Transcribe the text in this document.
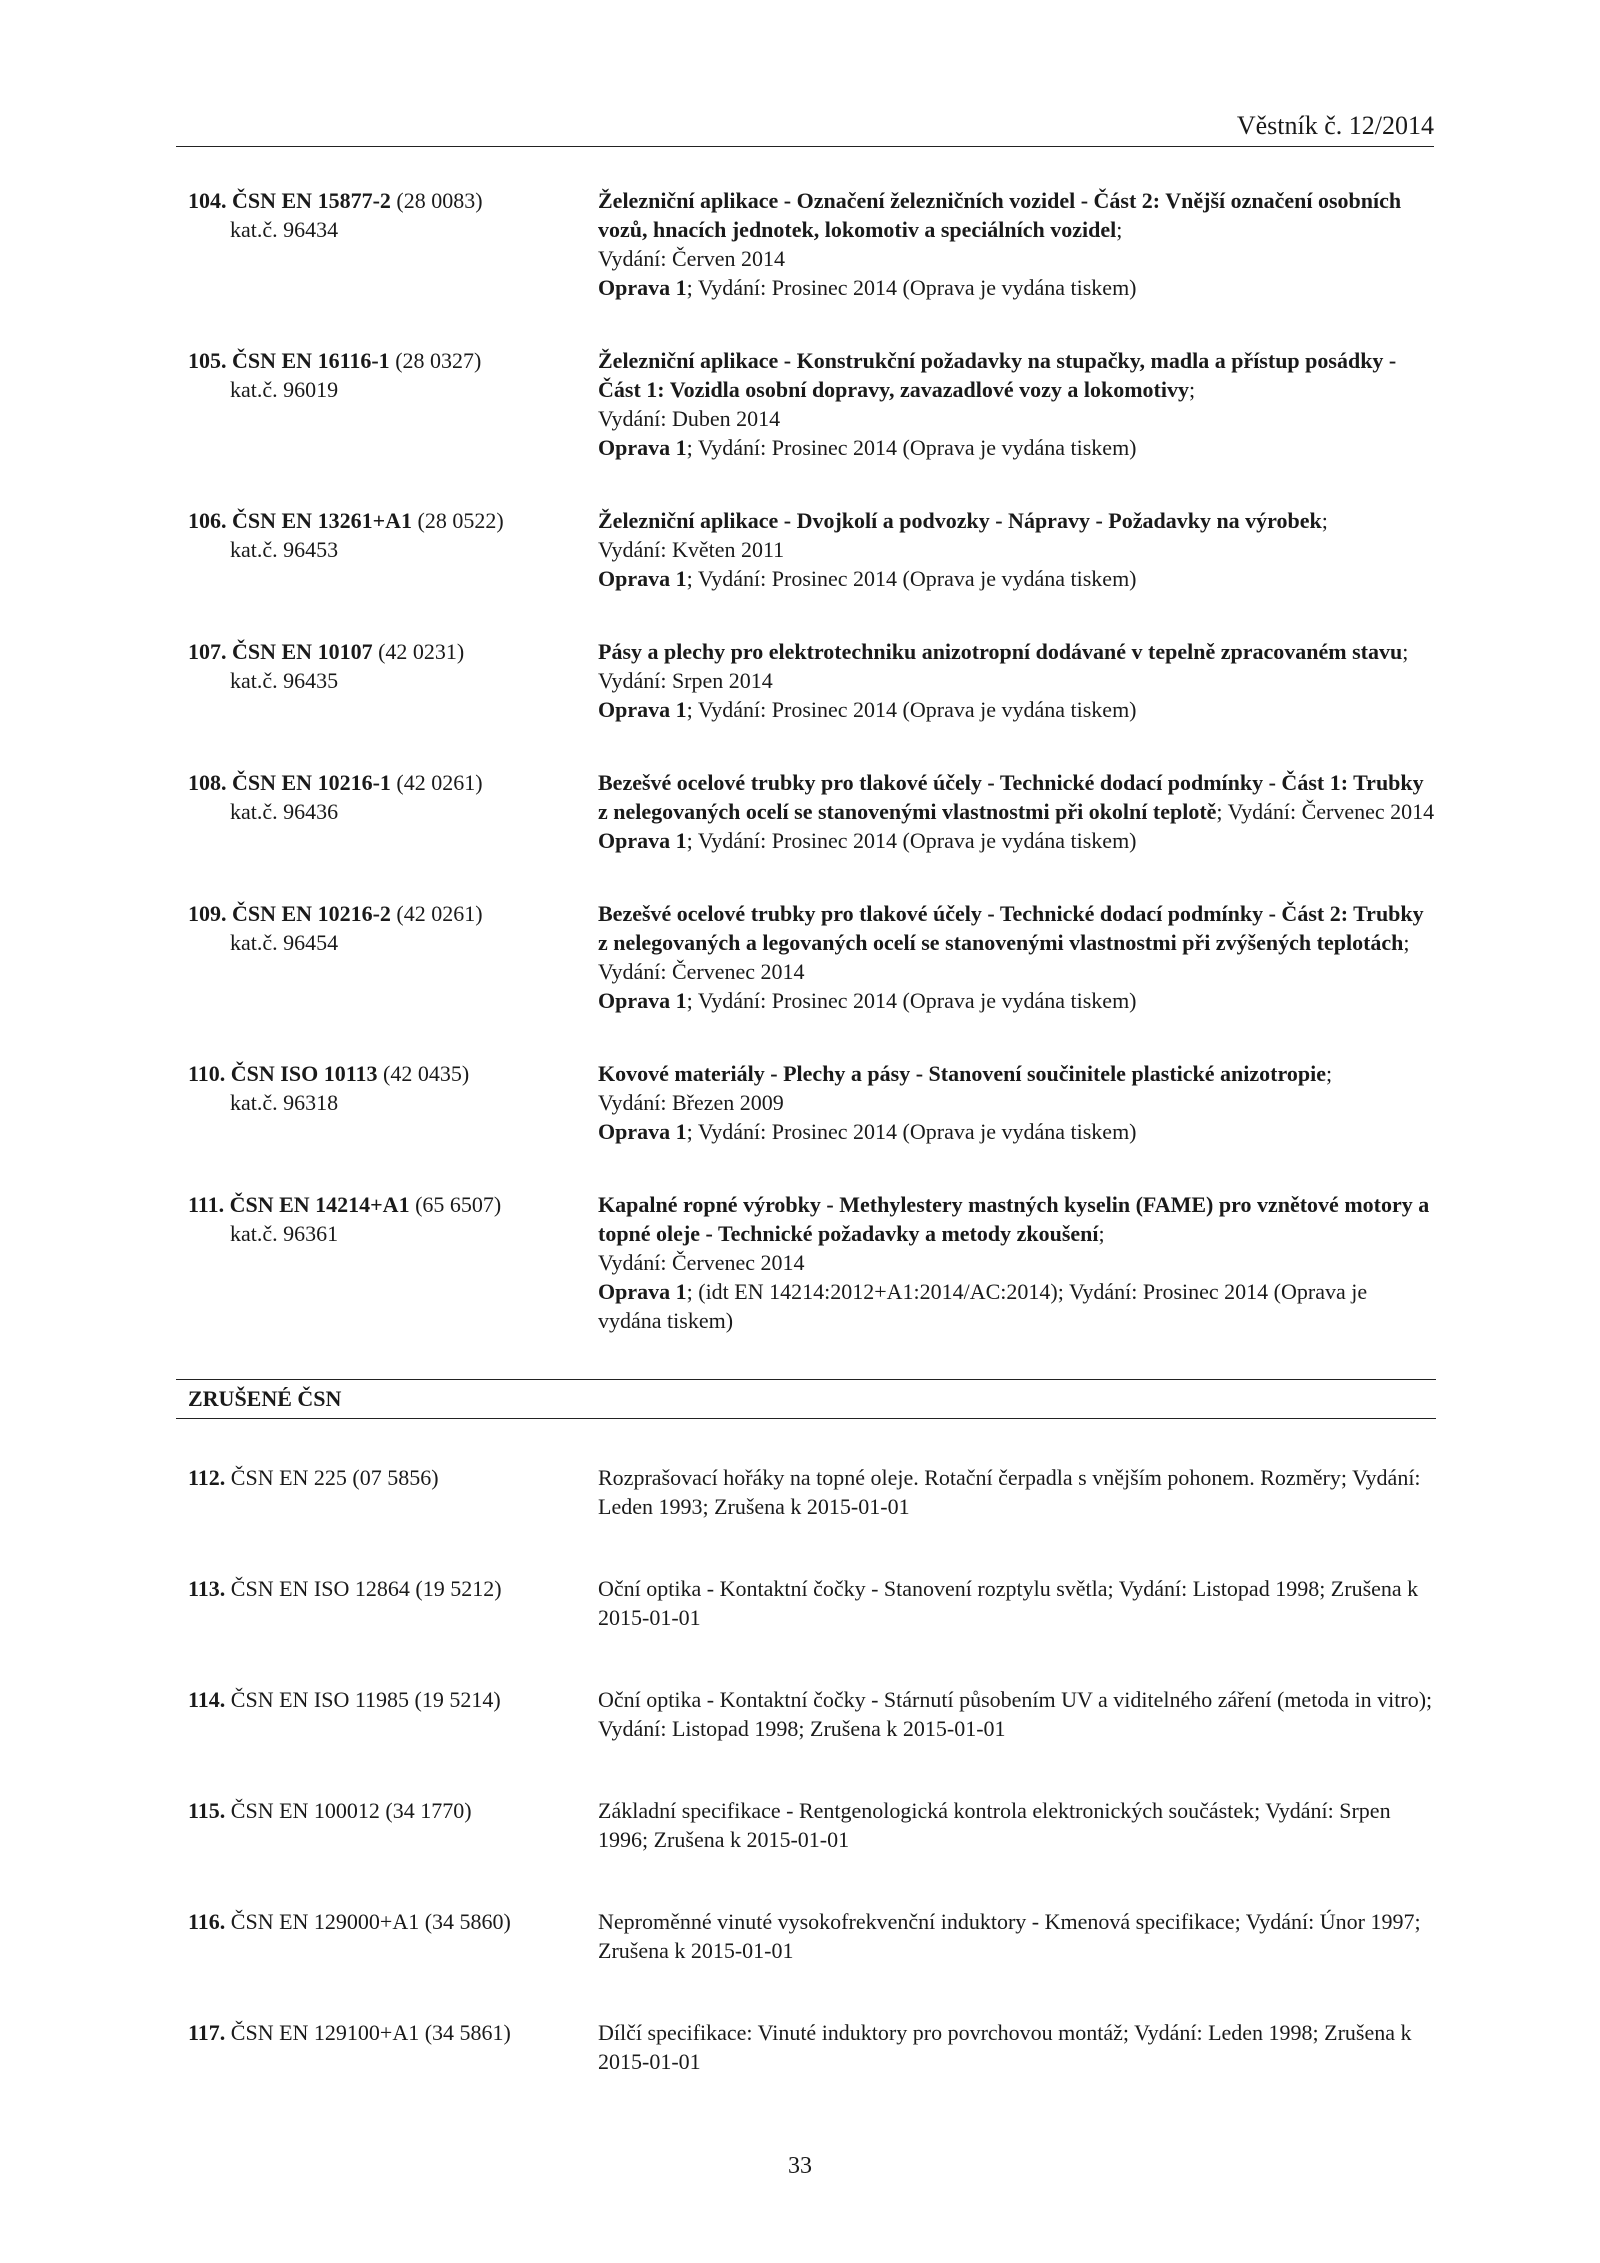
Věstník č. 12/2014
104. ČSN EN 15877-2 (28 0083)
kat.č. 96434
Železniční aplikace - Označení železničních vozidel - Část 2: Vnější označení osobních vozů, hnacích jednotek, lokomotiv a speciálních vozidel;
Vydání: Červen 2014
Oprava 1; Vydání: Prosinec 2014 (Oprava je vydána tiskem)
105. ČSN EN 16116-1 (28 0327)
kat.č. 96019
Železniční aplikace - Konstrukční požadavky na stupačky, madla a přístup posádky - Část 1: Vozidla osobní dopravy, zavazadlové vozy a lokomotivy;
Vydání: Duben 2014
Oprava 1; Vydání: Prosinec 2014 (Oprava je vydána tiskem)
106. ČSN EN 13261+A1 (28 0522)
kat.č. 96453
Železniční aplikace - Dvojkolí a podvozky - Nápravy - Požadavky na výrobek;
Vydání: Květen 2011
Oprava 1; Vydání: Prosinec 2014 (Oprava je vydána tiskem)
107. ČSN EN 10107 (42 0231)
kat.č. 96435
Pásy a plechy pro elektrotechniku anizotropní dodávané v tepelně zpracovaném stavu; Vydání: Srpen 2014
Oprava 1; Vydání: Prosinec 2014 (Oprava je vydána tiskem)
108. ČSN EN 10216-1 (42 0261)
kat.č. 96436
Bezešvé ocelové trubky pro tlakové účely - Technické dodací podmínky - Část 1: Trubky z nelegovaných ocelí se stanovenými vlastnostmi při okolní teplotě; Vydání: Červenec 2014
Oprava 1; Vydání: Prosinec 2014 (Oprava je vydána tiskem)
109. ČSN EN 10216-2 (42 0261)
kat.č. 96454
Bezešvé ocelové trubky pro tlakové účely - Technické dodací podmínky - Část 2: Trubky z nelegovaných a legovaných ocelí se stanovenými vlastnostmi při zvýšených teplotách; Vydání: Červenec 2014
Oprava 1; Vydání: Prosinec 2014 (Oprava je vydána tiskem)
110. ČSN ISO 10113 (42 0435)
kat.č. 96318
Kovové materiály - Plechy a pásy - Stanovení součinitele plastické anizotropie;
Vydání: Březen 2009
Oprava 1; Vydání: Prosinec 2014 (Oprava je vydána tiskem)
111. ČSN EN 14214+A1 (65 6507)
kat.č. 96361
Kapalné ropné výrobky - Methylestery mastných kyselin (FAME) pro vznětové motory a topné oleje - Technické požadavky a metody zkoušení;
Vydání: Červenec 2014
Oprava 1; (idt EN 14214:2012+A1:2014/AC:2014); Vydání: Prosinec 2014 (Oprava je vydána tiskem)
ZRUŠENÉ ČSN
112. ČSN EN 225 (07 5856)	Rozprašovací hořáky na topné oleje. Rotační čerpadla s vnějším pohonem. Rozměry; Vydání: Leden 1993; Zrušena k 2015-01-01
113. ČSN EN ISO 12864 (19 5212)	Oční optika - Kontaktní čočky - Stanovení rozptylu světla; Vydání: Listopad 1998; Zrušena k 2015-01-01
114. ČSN EN ISO 11985 (19 5214)	Oční optika - Kontaktní čočky - Stárnutí působením UV a viditelného záření (metoda in vitro); Vydání: Listopad 1998; Zrušena k 2015-01-01
115. ČSN EN 100012 (34 1770)	Základní specifikace - Rentgenologická kontrola elektronických součástek; Vydání: Srpen 1996; Zrušena k 2015-01-01
116. ČSN EN 129000+A1 (34 5860)	Neproměnné vinuté vysokofrekvenční induktory - Kmenová specifikace; Vydání: Únor 1997; Zrušena k 2015-01-01
117. ČSN EN 129100+A1 (34 5861)	Dílčí specifikace: Vinuté induktory pro povrchovou montáž; Vydání: Leden 1998; Zrušena k 2015-01-01
33
